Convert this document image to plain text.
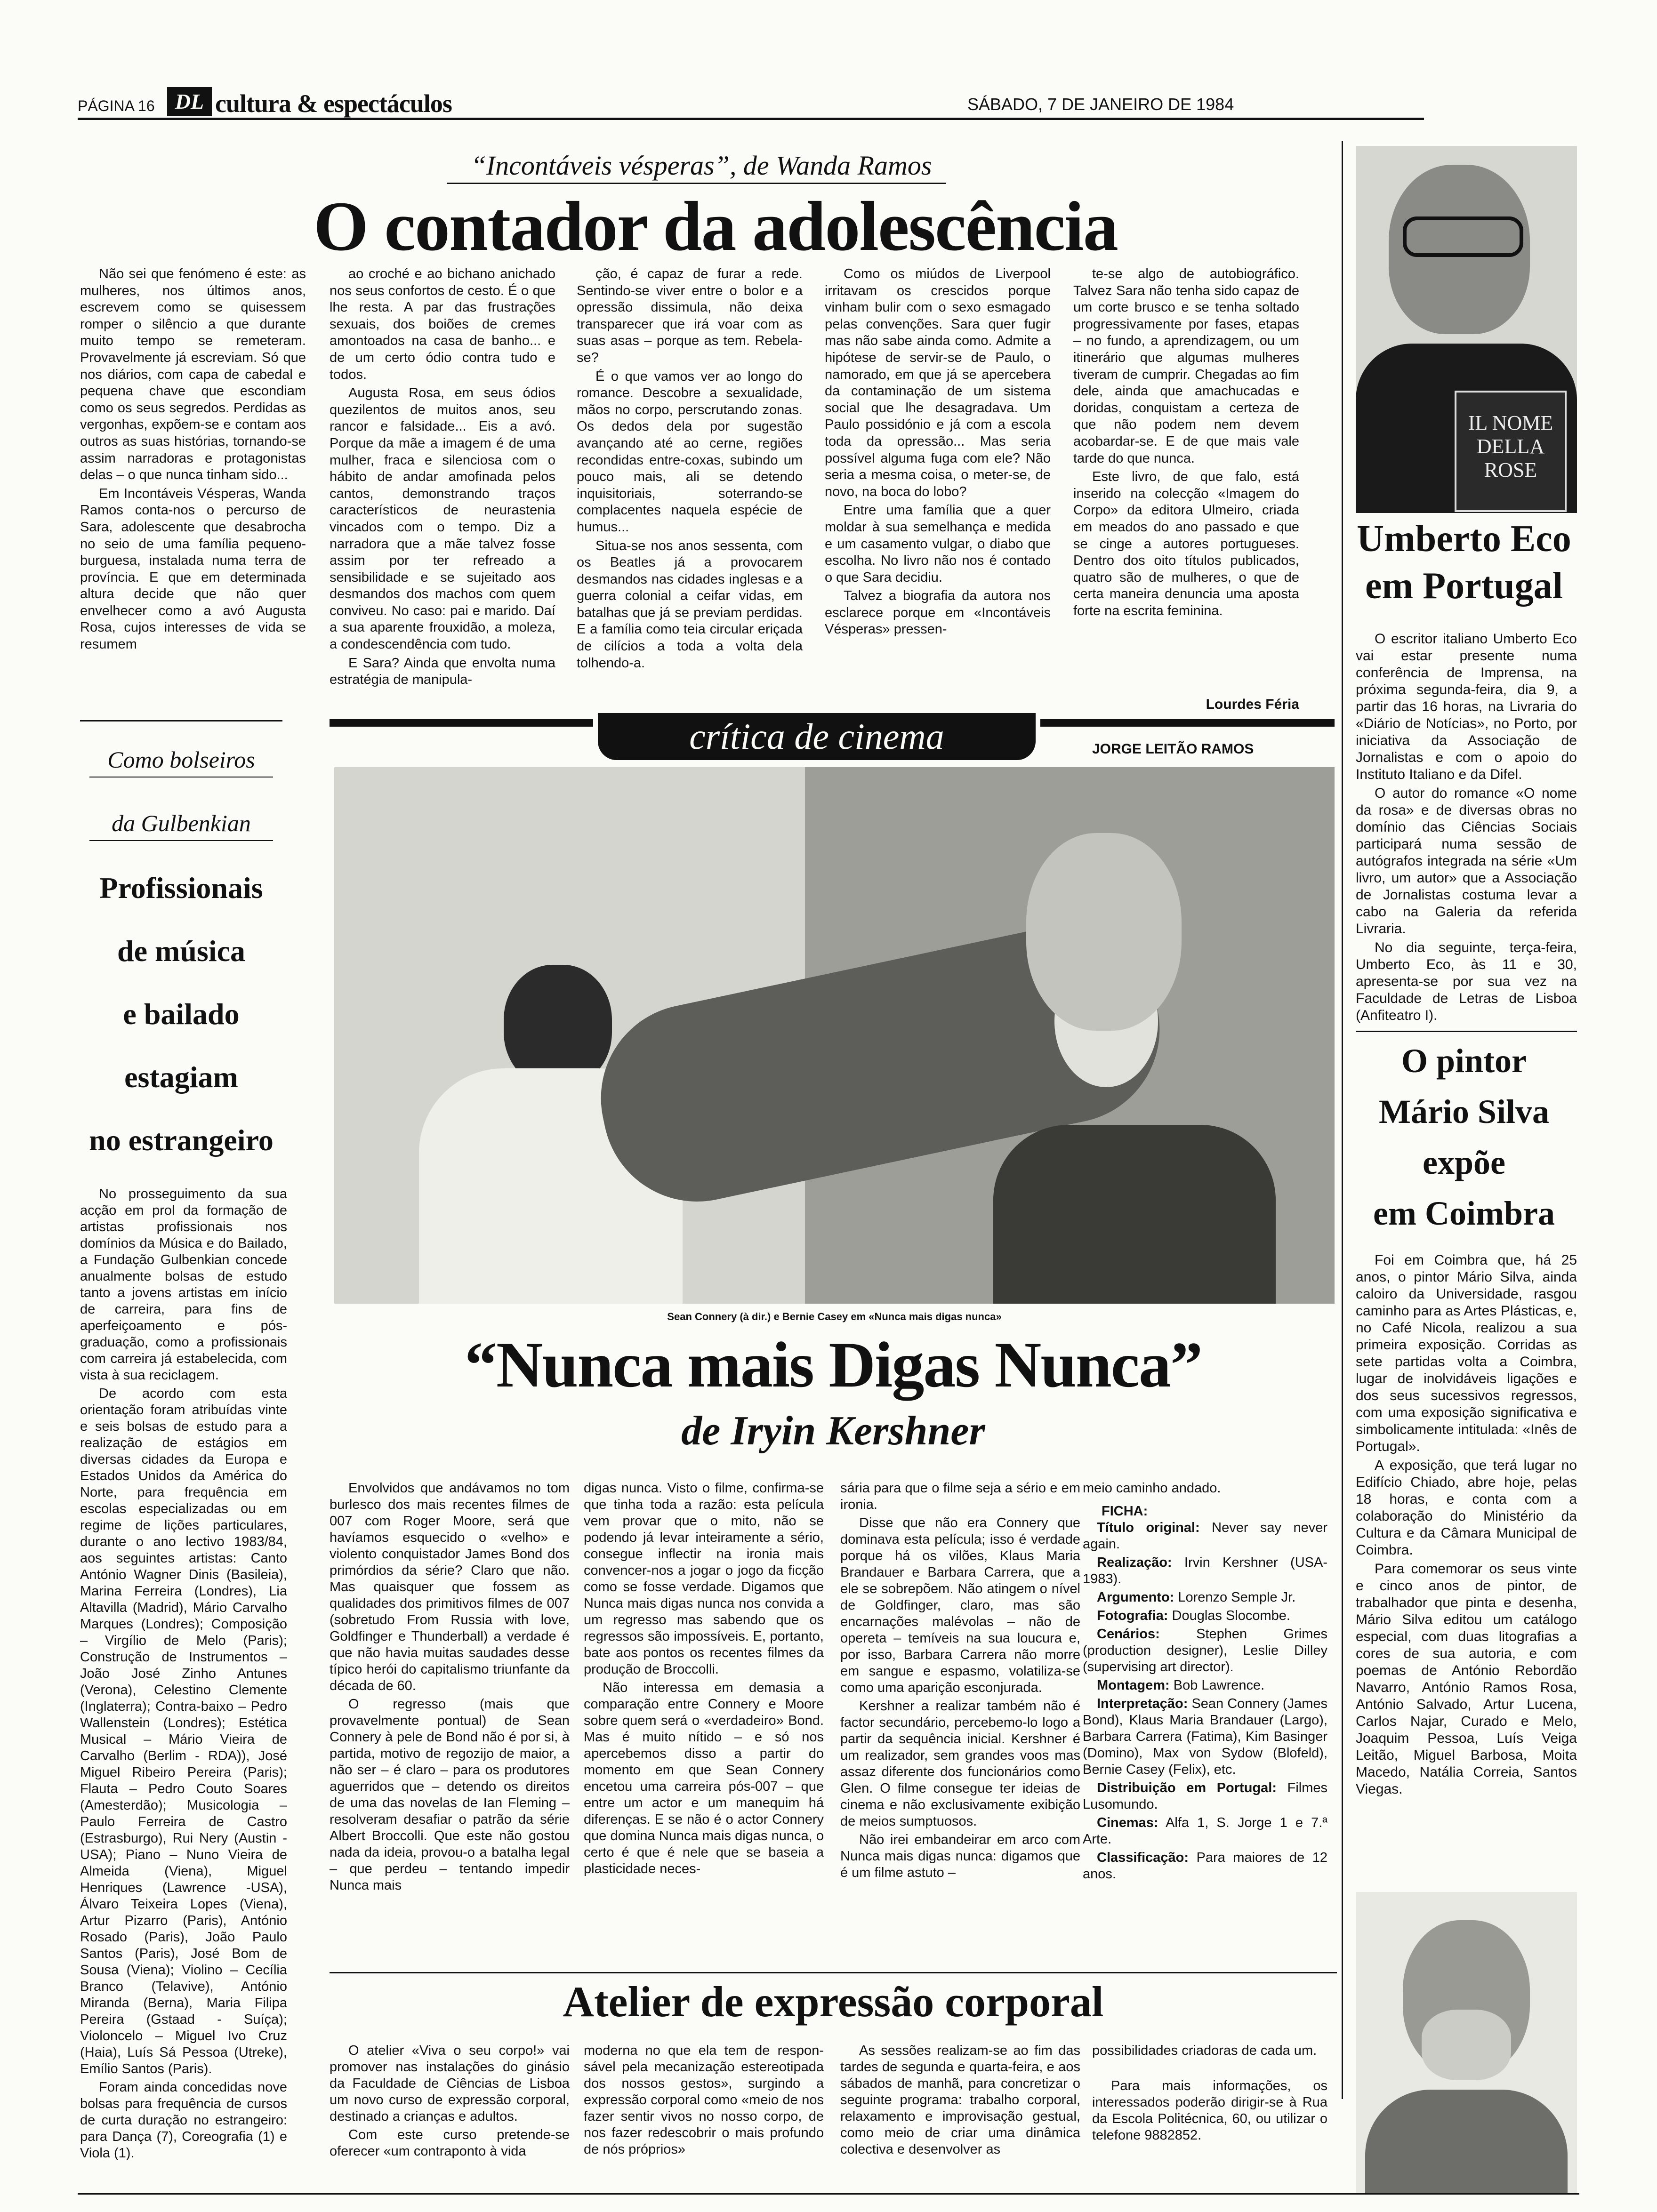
PÁGINA 16 DL cultura & espectáculos	SÁBADO, 7 DE JANEIRO DE 1984
“Incontáveis vésperas”, de Wanda Ramos
O contador da adolescência

Não sei que fenómeno é este: as mulheres, nos últimos anos, escrevem como se quisessem romper o silêncio a que durante muito tempo se remeteram. Provavelmente já escreviam. Só que nos diários, com capa de cabedal e pequena chave que escondiam como os seus segredos. Perdidas as vergonhas, expõem-se e contam aos outros as suas histórias, tornando-se assim narradoras e protagonistas delas – o que nunca tinham sido...

Em Incontáveis Vésperas, Wanda Ramos conta-nos o percurso de Sara, adolescente que desabrocha no seio de uma família pequeno-burguesa, instalada numa terra de província. E que em determinada altura decide que não quer envelhecer como a avó Augusta Rosa, cujos interesses de vida se resumem

ao croché e ao bichano anichado nos seus confortos de cesto. É o que lhe resta. A par das frustrações sexuais, dos boiões de cremes amontoados na casa de banho... e de um certo ódio contra tudo e todos.

Augusta Rosa, em seus ódios quezilentos de muitos anos, seu rancor e falsidade... Eis a avó. Porque da mãe a imagem é de uma mulher, fraca e silenciosa com o hábito de andar amofinada pelos cantos, demonstrando traços característicos de neurastenia vincados com o tempo. Diz a narradora que a mãe talvez fosse assim por ter refreado a sensibilidade e se sujeitado aos desmandos dos machos com quem conviveu. No caso: pai e marido. Daí a sua aparente frouxidão, a moleza, a condescendência com tudo.

E Sara? Ainda que envolta numa estratégia de manipula-

ção, é capaz de furar a rede. Sentindo-se viver entre o bolor e a opressão dissimula, não deixa transparecer que irá voar com as suas asas – porque as tem. Rebela-se?

É o que vamos ver ao longo do romance. Descobre a sexualidade, mãos no corpo, perscrutando zonas. Os dedos dela por sugestão avançando até ao cerne, regiões recondidas entre-coxas, subindo um pouco mais, ali se detendo inquisitoriais, soterrando-se complacentes naquela espécie de humus...

Situa-se nos anos sessenta, com os Beatles já a provocarem desmandos nas cidades inglesas e a guerra colonial a ceifar vidas, em batalhas que já se previam perdidas. E a família como teia circular eriçada de cilícios a toda a volta dela tolhendo-a.

Como os miúdos de Liverpool irritavam os crescidos porque vinham bulir com o sexo esmagado pelas convenções. Sara quer fugir mas não sabe ainda como. Admite a hipótese de servir-se de Paulo, o namorado, em que já se apercebera da contaminação de um sistema social que lhe desagradava. Um Paulo possidónio e já com a escola toda da opressão... Mas seria possível alguma fuga com ele? Não seria a mesma coisa, o meter-se, de novo, na boca do lobo?

Entre uma família que a quer moldar à sua semelhança e medida e um casamento vulgar, o diabo que escolha. No livro não nos é contado o que Sara decidiu.

Talvez a biografia da autora nos esclarece porque em «Incontáveis Vésperas» pressen-

te-se algo de autobiográfico. Talvez Sara não tenha sido capaz de um corte brusco e se tenha soltado progressivamente por fases, etapas – no fundo, a aprendizagem, ou um itinerário que algumas mulheres tiveram de cumprir. Chegadas ao fim dele, ainda que amachucadas e doridas, conquistam a certeza de que não podem nem devem acobardar-se. E de que mais vale tarde do que nunca.

Este livro, de que falo, está inserido na colecção «Imagem do Corpo» da editora Ulmeiro, criada em meados do ano passado e que se cinge a autores portugueses. Dentro dos oito títulos publicados, quatro são de mulheres, o que de certa maneira denuncia uma aposta forte na escrita feminina.

Lourdes Féria
IL NOME DELLA ROSE
Umberto Eco
em Portugal

O escritor italiano Umberto Eco vai estar presente numa conferência de Imprensa, na próxima segunda-feira, dia 9, a partir das 16 horas, na Livraria do «Diário de Notícias», no Porto, por iniciativa da Associação de Jornalistas e com o apoio do Instituto Italiano e da Difel.

O autor do romance «O nome da rosa» e de diversas obras no domínio das Ciências Sociais participará numa sessão de autógrafos integrada na série «Um livro, um autor» que a Associação de Jornalistas costuma levar a cabo na Galeria da referida Livraria.

No dia seguinte, terça-feira, Umberto Eco, às 11 e 30, apresenta-se por sua vez na Faculdade de Letras de Lisboa (Anfiteatro I).

O pintor
Mário Silva
expõe
em Coimbra

Foi em Coimbra que, há 25 anos, o pintor Mário Silva, ainda caloiro da Universidade, rasgou caminho para as Artes Plásticas, e, no Café Nicola, realizou a sua primeira exposição. Corridas as sete partidas volta a Coimbra, lugar de inolvidáveis ligações e dos seus sucessivos regressos, com uma exposição significativa e simbolicamente intitulada: «Inês de Portugal».

A exposição, que terá lugar no Edifício Chiado, abre hoje, pelas 18 horas, e conta com a colaboração do Ministério da Cultura e da Câmara Municipal de Coimbra.

Para comemorar os seus vinte e cinco anos de pintor, de trabalhador que pinta e desenha, Mário Silva editou um catálogo especial, com duas litografias a cores de sua autoria, e com poemas de António Rebordão Navarro, António Ramos Rosa, António Salvado, Artur Lucena, Carlos Najar, Curado e Melo, Joaquim Pessoa, Luís Veiga Leitão, Miguel Barbosa, Moita Macedo, Natália Correia, Santos Viegas.

Como bolseiros
da Gulbenkian
Profissionais
de música
e bailado
estagiam
no estrangeiro

No prosseguimento da sua acção em prol da formação de artistas profissionais nos domínios da Música e do Bailado, a Fundação Gulbenkian concede anualmente bolsas de estudo tanto a jovens artistas em início de carreira, para fins de aperfeiçoamento e pós-graduação, como a profissionais com carreira já estabelecida, com vista à sua reciclagem.

De acordo com esta orientação foram atribuídas vinte e seis bolsas de estudo para a realização de estágios em diversas cidades da Europa e Estados Unidos da América do Norte, para frequência em escolas especializadas ou em regime de lições particulares, durante o ano lectivo 1983/84, aos seguintes artistas: Canto António Wagner Dinis (Basileia), Marina Ferreira (Londres), Lia Altavilla (Madrid), Mário Carvalho Marques (Londres); Composição – Virgílio de Melo (Paris); Construção de Instrumentos – João José Zinho Antunes (Verona), Celestino Clemente (Inglaterra); Contra-baixo – Pedro Wallenstein (Londres); Estética Musical – Mário Vieira de Carvalho (Berlim - RDA)), José Miguel Ribeiro Pereira (Paris); Flauta – Pedro Couto Soares (Amesterdão); Musicologia – Paulo Ferreira de Castro (Estrasburgo), Rui Nery (Austin - USA); Piano – Nuno Vieira de Almeida (Viena), Miguel Henriques (Lawrence -USA), Álvaro Teixeira Lopes (Viena), Artur Pizarro (Paris), António Rosado (Paris), João Paulo Santos (Paris), José Bom de Sousa (Viena); Violino – Cecília Branco (Telavive), António Miranda (Berna), Maria Filipa Pereira (Gstaad - Suíça); Violoncelo – Miguel Ivo Cruz (Haia), Luís Sá Pessoa (Utreke), Emílio Santos (Paris).

Foram ainda concedidas nove bolsas para frequência de cursos de curta duração no estrangeiro: para Dança (7), Coreografia (1) e Viola (1).

crítica de cinema	JORGE LEITÃO RAMOS
Sean Connery (à dir.) e Bernie Casey em «Nunca mais digas nunca»
“Nunca mais Digas Nunca”
de Iryin Kershner

Envolvidos que andávamos no tom burlesco dos mais recentes filmes de 007 com Roger Moore, será que havíamos esquecido o «velho» e violento conquistador James Bond dos primórdios da série? Claro que não. Mas quaisquer que fossem as qualidades dos primitivos filmes de 007 (sobretudo From Russia with love, Goldfinger e Thunderball) a verdade é que não havia muitas saudades desse típico herói do capitalismo triunfante da década de 60.

O regresso (mais que provavelmente pontual) de Sean Connery à pele de Bond não é por si, à partida, motivo de regozijo de maior, a não ser – é claro – para os produtores aguerridos que – detendo os direitos de uma das novelas de Ian Fleming – resolveram desafiar o patrão da série Albert Broccolli. Que este não gostou nada da ideia, provou-o a batalha legal – que perdeu – tentando impedir Nunca mais

digas nunca. Visto o filme, confirma-se que tinha toda a razão: esta película vem provar que o mito, não se podendo já levar inteiramente a sério, consegue inflectir na ironia mais convencer-nos a jogar o jogo da ficção como se fosse verdade. Digamos que Nunca mais digas nunca nos convida a um regresso mas sabendo que os regressos são impossíveis. E, portanto, bate aos pontos os recentes filmes da produção de Broccolli.

Não interessa em demasia a comparação entre Connery e Moore sobre quem será o «verdadeiro» Bond. Mas é muito nítido – e só nos apercebemos disso a partir do momento em que Sean Connery encetou uma carreira pós-007 – que entre um actor e um manequim há diferenças. E se não é o actor Connery que domina Nunca mais digas nunca, o certo é que é nele que se baseia a plasticidade neces-

sária para que o filme seja a sério e em ironia.

Disse que não era Connery que dominava esta película; isso é verdade porque há os vilões, Klaus Maria Brandauer e Barbara Carrera, que a ele se sobrepõem. Não atingem o nível de Goldfinger, claro, mas são encarnações malévolas – não de opereta – temíveis na sua loucura e, por isso, Barbara Carrera não morre em sangue e espasmo, volatiliza-se como uma aparição esconjurada.

Kershner a realizar também não é factor secundário, percebemo-lo logo a partir da sequência inicial. Kershner é um realizador, sem grandes voos mas assaz diferente dos funcionários como Glen. O filme consegue ter ideias de cinema e não exclusivamente exibição de meios sumptuosos.

Não irei embandeirar em arco com Nunca mais digas nunca: digamos que é um filme astuto –

meio caminho andado.

FICHA:

Título original: Never say never again.

Realização: Irvin Kershner (USA-1983).

Argumento: Lorenzo Semple Jr.

Fotografia: Douglas Slocombe.

Cenários:	Stephen Grimes (production designer), Leslie Dilley (supervising art director).

Montagem: Bob Lawrence.

Interpretação: Sean Connery (James Bond), Klaus Maria Brandauer (Largo), Barbara Carrera (Fatima), Kim Basinger (Domino), Max von Sydow (Blofeld), Bernie Casey (Felix), etc.

Distribuição em Portugal: Filmes Lusomundo.

Cinemas: Alfa 1, S. Jorge 1 e 7.ª Arte.

Classificação: Para maiores de 12 anos.

Atelier de expressão corporal

O atelier «Viva o seu corpo!» vai promover nas instalações do ginásio da Faculdade de Ciências de Lisboa um novo curso de expressão corporal, destinado a crianças e adultos.

Com este curso pretende-se oferecer «um contraponto à vida

moderna no que ela tem de responsável pela mecanização estereotipada dos nossos gestos», surgindo a expressão corporal como «meio de nos fazer sentir vivos no nosso corpo, de nos fazer redescobrir o mais profundo de nós próprios»

As sessões realizam-se ao fim das tardes de segunda e quarta-feira, e aos sábados de manhã, para concretizar o seguinte programa: trabalho corporal, relaxamento e improvisação gestual, como meio de criar uma dinâmica colectiva e desenvolver as

possibilidades criadoras de cada um.

Para mais informações, os interessados poderão dirigir-se à Rua da Escola Politécnica, 60, ou utilizar o telefone 9882852.
